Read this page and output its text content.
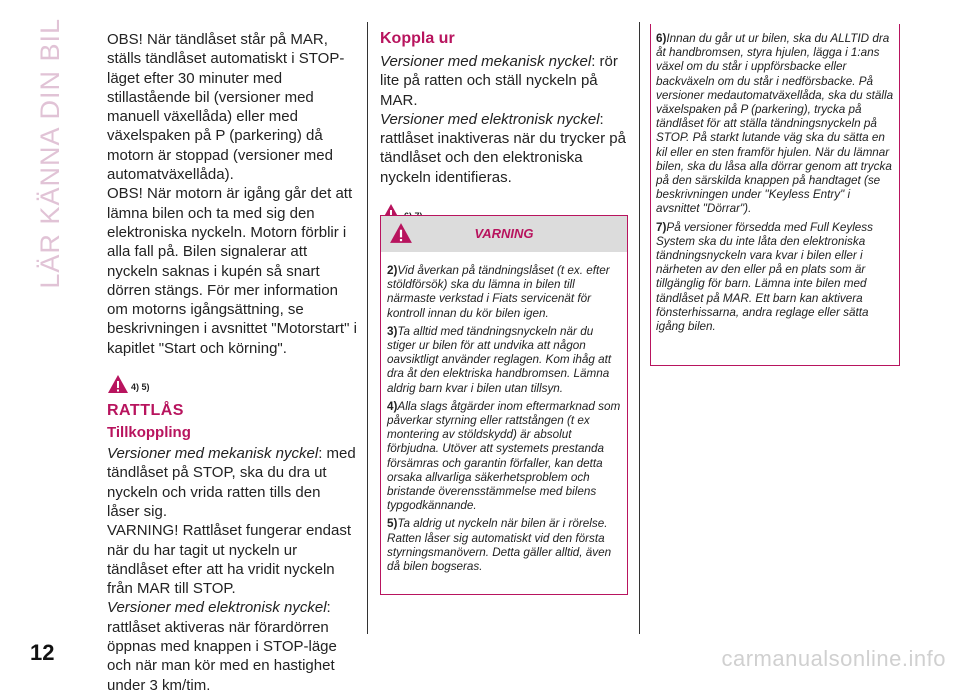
LÄR KÄNNA DIN BIL
12

OBS! När tändlåset står på MAR, ställs tändlåset automatiskt i STOP-läget efter 30 minuter med stillastående bil (versioner med manuell växellåda) eller med växelspaken på P (parkering) då motorn är stoppad (versioner med automatväxellåda).

OBS! När motorn är igång går det att lämna bilen och ta med sig den elektroniska nyckeln. Motorn förblir i alla fall på. Bilen signalerar att nyckeln saknas i kupén så snart dörren stängs. För mer information om motorns igångsättning, se beskrivningen i avsnittet "Motorstart" i kapitlet "Start och körning".

4) 5)
RATTLÅS
Tillkoppling

Versioner med mekanisk nyckel: med tändlåset på STOP, ska du dra ut nyckeln och vrida ratten tills den låser sig.

VARNING! Rattlåset fungerar endast när du har tagit ut nyckeln ur tändlåset efter att ha vridit nyckeln från MAR till STOP.

Versioner med elektronisk nyckel:

rattlåset aktiveras när förardörren öppnas med knappen i STOP-läge och när man kör med en hastighet under 3 km/tim.

Koppla ur

Versioner med mekanisk nyckel: rör lite på ratten och ställ nyckeln på MAR.

Versioner med elektronisk nyckel:

rattlåset inaktiveras när du trycker på tändlåset och den elektroniska nyckeln identifieras.

VARNING
2)Vid åverkan på tändningslåset (t ex. efter stöldförsök) ska du lämna in bilen till närmaste verkstad i Fiats servicenät för kontroll innan du kör bilen igen.
3)Ta alltid med tändningsnyckeln när du stiger ur bilen för att undvika att någon oavsiktligt använder reglagen. Kom ihåg att dra åt den elektriska handbromsen. Lämna aldrig barn kvar i bilen utan tillsyn.
4)Alla slags åtgärder inom eftermarknad som påverkar styrning eller rattstången (t ex montering av stöldskydd) är absolut förbjudna. Utöver att systemets prestanda försämras och garantin förfaller, kan detta orsaka allvarliga säkerhetsproblem och bristande överensstämmelse med bilens typgodkännande.
5)Ta aldrig ut nyckeln när bilen är i rörelse. Ratten låser sig automatiskt vid den första styrningsmanövern. Detta gäller alltid, även då bilen bogseras.
6)Innan du går ut ur bilen, ska du ALLTID dra åt handbromsen, styra hjulen, lägga i 1:ans växel om du står i uppförsbacke eller backväxeln om du står i nedförsbacke. På versioner medautomatväxellåda, ska du ställa växelspaken på P (parkering), trycka på tändlåset för att ställa tändningsnyckeln på STOP. På starkt lutande väg ska du sätta en kil eller en sten framför hjulen. När du lämnar bilen, ska du låsa alla dörrar genom att trycka på den särskilda knappen på handtaget (se beskrivningen under "Keyless Entry" i avsnittet "Dörrar").
7)På versioner försedda med Full Keyless System ska du inte låta den elektroniska tändningsnyckeln vara kvar i bilen eller i närheten av den eller på en plats som är tillgänglig för barn. Lämna inte bilen med tändlåset på MAR. Ett barn kan aktivera fönsterhissarna, andra reglage eller sätta igång bilen.
carmanualsonline.info
